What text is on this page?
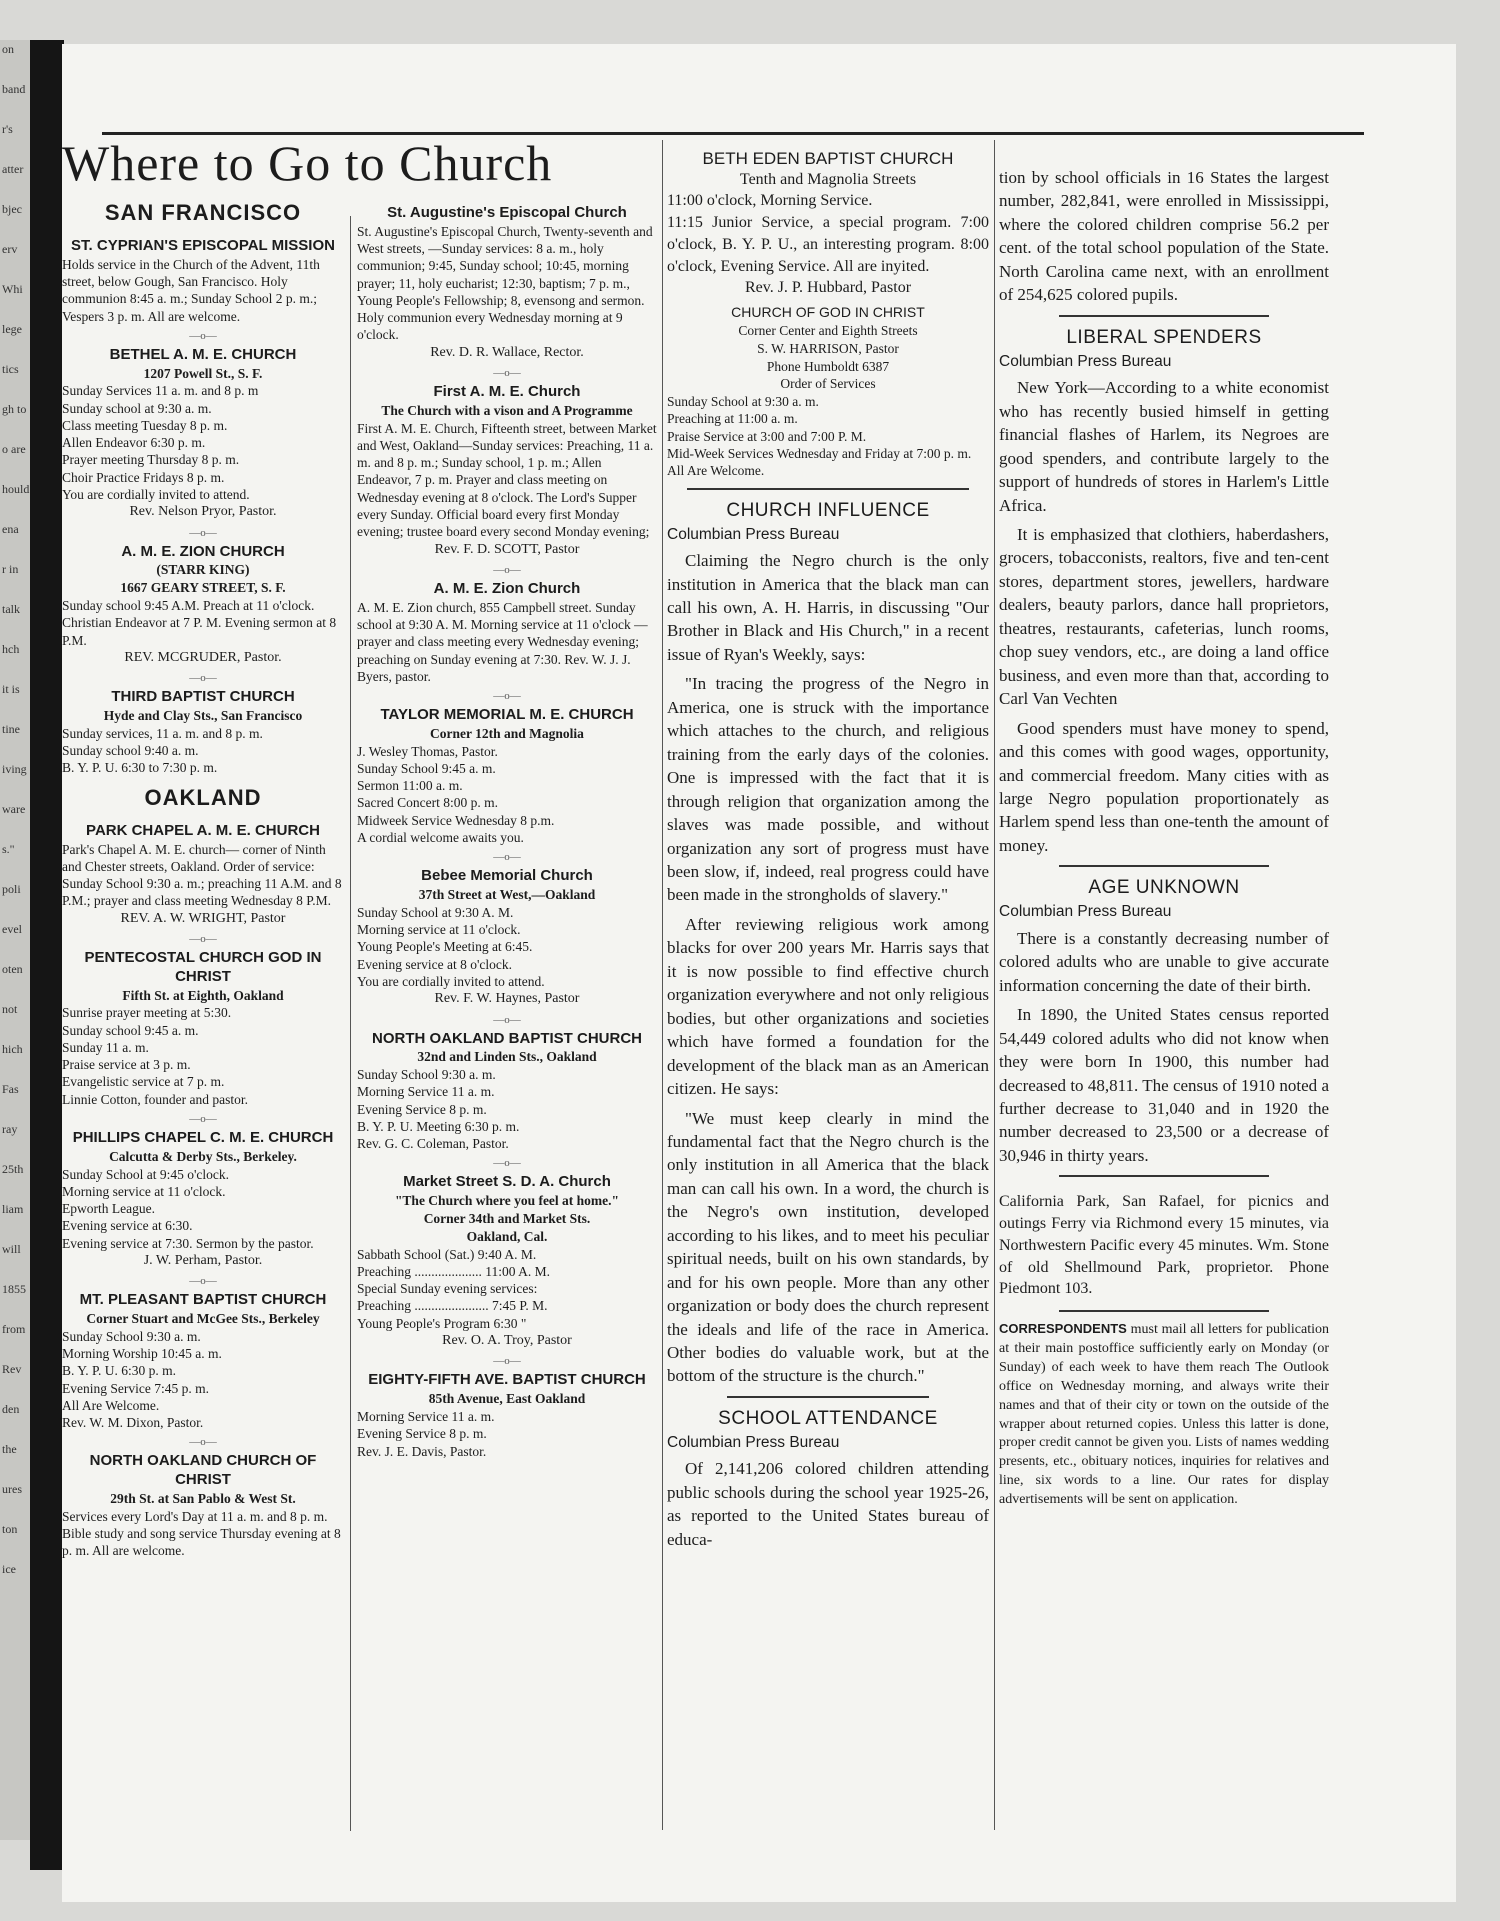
on
band
r's
atter
bjec
erv
Whi
lege
tics
gh to
o are
hould
ena
r in
talk
hch
it is
tine
iving
ware
s."
poli
evel
oten
not
hich
Fas
ray
25th
liam
will
1855
from
Rev
den
the
ures
ton
ice
Where to Go to Church
SAN FRANCISCO
ST. CYPRIAN'S EPISCOPAL MISSION
Holds service in the Church of the Advent, 11th street, below Gough, San Francisco. Holy communion 8:45 a. m.; Sunday School 2 p. m.; Vespers 3 p. m. All are welcome.
—o—
BETHEL A. M. E. CHURCH
1207 Powell St., S. F.
Sunday Services 11 a. m. and 8 p. m
Sunday school at 9:30 a. m.
Class meeting Tuesday 8 p. m.
Allen Endeavor 6:30 p. m.
Prayer meeting Thursday 8 p. m.
Choir Practice Fridays 8 p. m.
You are cordially invited to attend.
Rev. Nelson Pryor, Pastor.
—o—
A. M. E. ZION CHURCH
(STARR KING)
1667 GEARY STREET, S. F.
Sunday school 9:45 A.M. Preach at 11 o'clock. Christian Endeavor at 7 P. M. Evening sermon at 8 P.M.
REV. MCGRUDER, Pastor.
—o—
THIRD BAPTIST CHURCH
Hyde and Clay Sts., San Francisco
Sunday services, 11 a. m. and 8 p. m.
Sunday school 9:40 a. m.
B. Y. P. U. 6:30 to 7:30 p. m.
OAKLAND
PARK CHAPEL A. M. E. CHURCH
Park's Chapel A. M. E. church— corner of Ninth and Chester streets, Oakland. Order of service: Sunday School 9:30 a. m.; preaching 11 A.M. and 8 P.M.; prayer and class meeting Wednesday 8 P.M.
REV. A. W. WRIGHT, Pastor
—o—
PENTECOSTAL CHURCH GOD IN CHRIST
Fifth St. at Eighth, Oakland
Sunrise prayer meeting at 5:30.
Sunday school 9:45 a. m.
Sunday 11 a. m.
Praise service at 3 p. m.
Evangelistic service at 7 p. m.
Linnie Cotton, founder and pastor.
—o—
PHILLIPS CHAPEL C. M. E. CHURCH
Calcutta & Derby Sts., Berkeley.
Sunday School at 9:45 o'clock.
Morning service at 11 o'clock.
Epworth League.
Evening service at 6:30.
Evening service at 7:30. Sermon by the pastor.
J. W. Perham, Pastor.
—o—
MT. PLEASANT BAPTIST CHURCH
Corner Stuart and McGee Sts., Berkeley
Sunday School 9:30 a. m.
Morning Worship 10:45 a. m.
B. Y. P. U. 6:30 p. m.
Evening Service 7:45 p. m.
All Are Welcome.
Rev. W. M. Dixon, Pastor.
—o—
NORTH OAKLAND CHURCH OF CHRIST
29th St. at San Pablo & West St.
Services every Lord's Day at 11 a. m. and 8 p. m. Bible study and song service Thursday evening at 8 p. m. All are welcome.
St. Augustine's Episcopal Church
St. Augustine's Episcopal Church, Twenty-seventh and West streets, —Sunday services: 8 a. m., holy communion; 9:45, Sunday school; 10:45, morning prayer; 11, holy eucharist; 12:30, baptism; 7 p. m., Young People's Fellowship; 8, evensong and sermon. Holy communion every Wednesday morning at 9 o'clock.
Rev. D. R. Wallace, Rector.
—o—
First A. M. E. Church
The Church with a vison and A Programme
First A. M. E. Church, Fifteenth street, between Market and West, Oakland—Sunday services: Preaching, 11 a. m. and 8 p. m.; Sunday school, 1 p. m.; Allen Endeavor, 7 p. m. Prayer and class meeting on Wednesday evening at 8 o'clock. The Lord's Supper every Sunday. Official board every first Monday evening; trustee board every second Monday evening;
Rev. F. D. SCOTT, Pastor
—o—
A. M. E. Zion Church
A. M. E. Zion church, 855 Campbell street. Sunday school at 9:30 A. M. Morning service at 11 o'clock —prayer and class meeting every Wednesday evening; preaching on Sunday evening at 7:30. Rev. W. J. J. Byers, pastor.
—o—
TAYLOR MEMORIAL M. E. CHURCH
Corner 12th and Magnolia
J. Wesley Thomas, Pastor.
Sunday School 9:45 a. m.
Sermon 11:00 a. m.
Sacred Concert 8:00 p. m.
Midweek Service Wednesday 8 p.m.
A cordial welcome awaits you.
—o—
Bebee Memorial Church
37th Street at West,—Oakland
Sunday School at 9:30 A. M.
Morning service at 11 o'clock.
Young People's Meeting at 6:45.
Evening service at 8 o'clock.
You are cordially invited to attend.
Rev. F. W. Haynes, Pastor
—o—
NORTH OAKLAND BAPTIST CHURCH
32nd and Linden Sts., Oakland
Sunday School 9:30 a. m.
Morning Service 11 a. m.
Evening Service 8 p. m.
B. Y. P. U. Meeting 6:30 p. m.
Rev. G. C. Coleman, Pastor.
—o—
Market Street S. D. A. Church
"The Church where you feel at home."
Corner 34th and Market Sts.
Oakland, Cal.
Sabbath School (Sat.) 9:40 A. M.
Preaching .................... 11:00 A. M.
Special Sunday evening services:
Preaching ...................... 7:45 P. M.
Young People's Program 6:30 "
Rev. O. A. Troy, Pastor
—o—
EIGHTY-FIFTH AVE. BAPTIST CHURCH
85th Avenue, East Oakland
Morning Service 11 a. m.
Evening Service 8 p. m.
Rev. J. E. Davis, Pastor.
BETH EDEN BAPTIST CHURCH
Tenth and Magnolia Streets
11:00 o'clock, Morning Service.
11:15 Junior Service, a special program. 7:00 o'clock, B. Y. P. U., an interesting program. 8:00 o'clock, Evening Service. All are inyited.
Rev. J. P. Hubbard, Pastor
CHURCH OF GOD IN CHRIST
Corner Center and Eighth Streets
S. W. HARRISON, Pastor
Phone Humboldt 6387
Order of Services
Sunday School at 9:30 a. m.
Preaching at 11:00 a. m.
Praise Service at 3:00 and 7:00 P. M.
Mid-Week Services Wednesday and Friday at 7:00 p. m.
All Are Welcome.
CHURCH INFLUENCE
Columbian Press Bureau

Claiming the Negro church is the only institution in America that the black man can call his own, A. H. Harris, in discussing "Our Brother in Black and His Church," in a recent issue of Ryan's Weekly, says:

"In tracing the progress of the Negro in America, one is struck with the importance which attaches to the church, and religious training from the early days of the colonies. One is impressed with the fact that it is through religion that organization among the slaves was made possible, and without organization any sort of progress must have been slow, if, indeed, real progress could have been made in the strongholds of slavery."

After reviewing religious work among blacks for over 200 years Mr. Harris says that it is now possible to find effective church organization everywhere and not only religious bodies, but other organizations and societies which have formed a foundation for the development of the black man as an American citizen. He says:

"We must keep clearly in mind the fundamental fact that the Negro church is the only institution in all America that the black man can call his own. In a word, the church is the Negro's own institution, developed according to his likes, and to meet his peculiar spiritual needs, built on his own standards, by and for his own people. More than any other organization or body does the church represent the ideals and life of the race in America. Other bodies do valuable work, but at the bottom of the structure is the church."

SCHOOL ATTENDANCE
Columbian Press Bureau

Of 2,141,206 colored children attending public schools during the school year 1925-26, as reported to the United States bureau of educa-

tion by school officials in 16 States the largest number, 282,841, were enrolled in Mississippi, where the colored children comprise 56.2 per cent. of the total school population of the State. North Carolina came next, with an enrollment of 254,625 colored pupils.

LIBERAL SPENDERS
Columbian Press Bureau

New York—According to a white economist who has recently busied himself in getting financial flashes of Harlem, its Negroes are good spenders, and contribute largely to the support of hundreds of stores in Harlem's Little Africa.

It is emphasized that clothiers, haberdashers, grocers, tobacconists, realtors, five and ten-cent stores, department stores, jewellers, hardware dealers, beauty parlors, dance hall proprietors, theatres, restaurants, cafeterias, lunch rooms, chop suey vendors, etc., are doing a land office business, and even more than that, according to Carl Van Vechten

Good spenders must have money to spend, and this comes with good wages, opportunity, and commercial freedom. Many cities with as large Negro population proportionately as Harlem spend less than one-tenth the amount of money.

AGE UNKNOWN
Columbian Press Bureau

There is a constantly decreasing number of colored adults who are unable to give accurate information concerning the date of their birth.

In 1890, the United States census reported 54,449 colored adults who did not know when they were born In 1900, this number had decreased to 48,811. The census of 1910 noted a further decrease to 31,040 and in 1920 the number decreased to 23,500 or a decrease of 30,946 in thirty years.

California Park, San Rafael, for picnics and outings Ferry via Richmond every 15 minutes, via Northwestern Pacific every 45 minutes. Wm. Stone of old Shellmound Park, proprietor. Phone Piedmont 103.
CORRESPONDENTS must mail all letters for publication at their main postoffice sufficiently early on Monday (or Sunday) of each week to have them reach The Outlook office on Wednesday morning, and always write their names and that of their city or town on the outside of the wrapper about returned copies. Unless this latter is done, proper credit cannot be given you. Lists of names wedding presents, etc., obituary notices, inquiries for relatives and line, six words to a line. Our rates for display advertisements will be sent on application.
